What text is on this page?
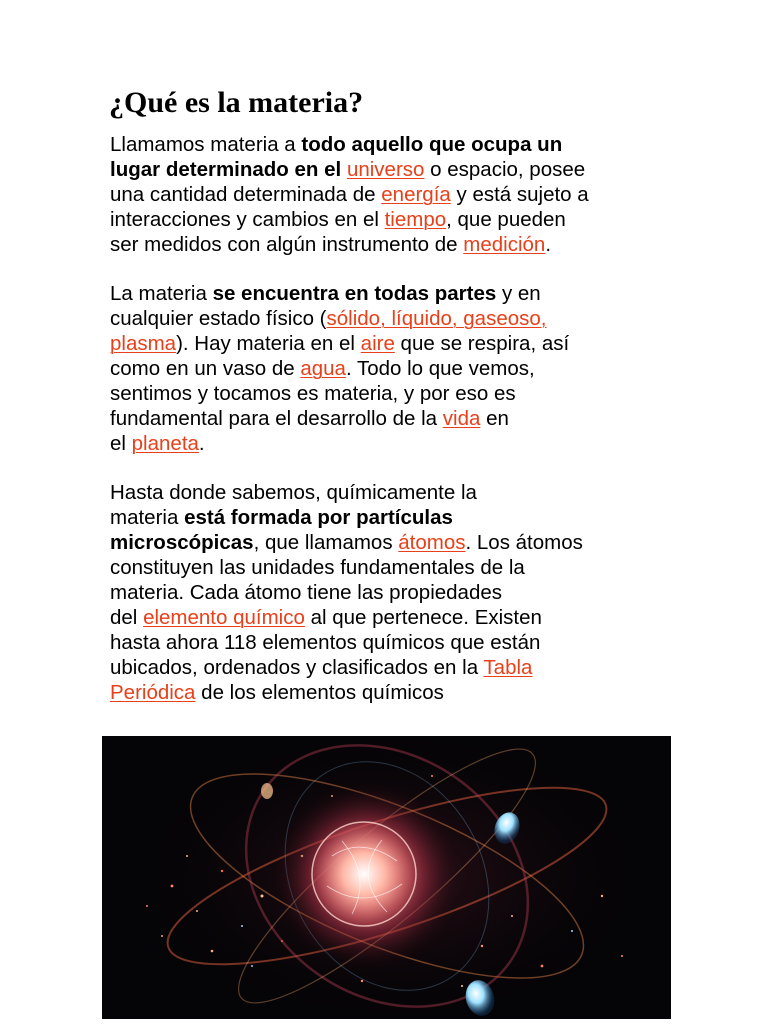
¿Qué es la materia?

Llamamos materia a todo aquello que ocupa un
lugar determinado en el universo o espacio, posee
una cantidad determinada de energía y está sujeto a
interacciones y cambios en el tiempo, que pueden
ser medidos con algún instrumento de medición.

La materia se encuentra en todas partes y en
cualquier estado físico (sólido, líquido, gaseoso,
plasma). Hay materia en el aire que se respira, así
como en un vaso de agua. Todo lo que vemos,
sentimos y tocamos es materia, y por eso es
fundamental para el desarrollo de la vida en
el planeta.

Hasta donde sabemos, químicamente la
materia está formada por partículas
microscópicas, que llamamos átomos. Los átomos
constituyen las unidades fundamentales de la
materia. Cada átomo tiene las propiedades
del elemento químico al que pertenece. Existen
hasta ahora 118 elementos químicos que están
ubicados, ordenados y clasificados en la Tabla
Periódica de los elementos químicos
